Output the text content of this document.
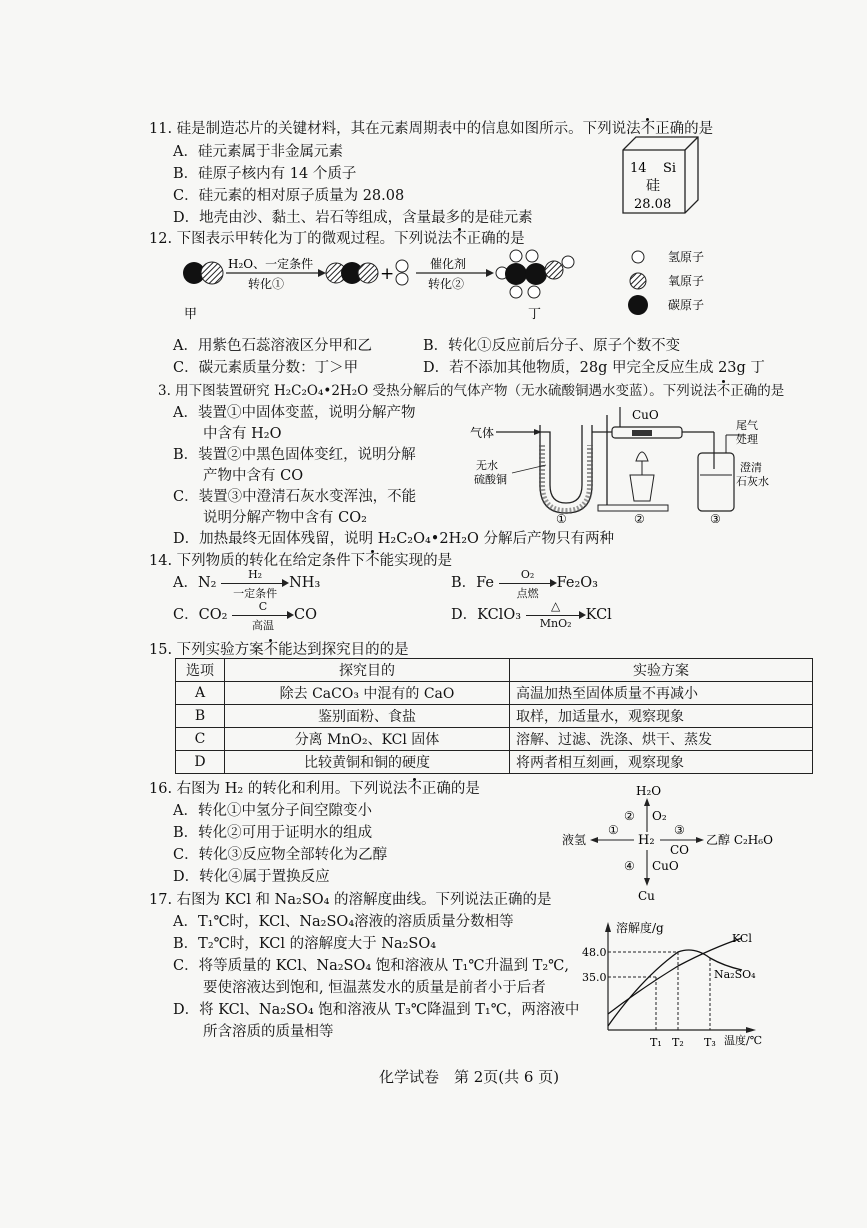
11. 硅是制造芯片的关键材料，其在元素周期表中的信息如图所示。下列说法不正确的是
A．硅元素属于非金属元素
B．硅原子核内有 14 个质子
C．硅元素的相对原子质量为 28.08
D．地壳由沙、黏土、岩石等组成，含量最多的是硅元素
14 Si
硅
28.08
12. 下图表示甲转化为丁的微观过程。下列说法不正确的是
H₂O、一定条件
转化①	+	催化剂
转化②
甲	丁
氢原子
氧原子
碳原子
A．用紫色石蕊溶液区分甲和乙	B．转化①反应前后分子、原子个数不变
C．碳元素质量分数：丁＞甲	D．若不添加其他物质，28g 甲完全反应生成 23g 丁
3. 用下图装置研究 H₂C₂O₄•2H₂O 受热分解后的气体产物（无水硫酸铜遇水变蓝）。下列说法不正确的是
A．装置①中固体变蓝，说明分解产物
中含有 H₂O
B．装置②中黑色固体变红，说明分解
产物中含有 CO
C．装置③中澄清石灰水变浑浊，不能
说明分解产物中含有 CO₂
D．加热最终无固体残留，说明 H₂C₂O₄•2H₂O 分解后产物只有两种
气体
无水
硫酸铜
CuO
尾气
处理
澄清
石灰水
①	②	③
14. 下列物质的转化在给定条件下不能实现的是
A．N₂
H₂
一定条件
NH₃	B．Fe
O₂
点燃
Fe₂O₃
C．CO₂
C
高温
CO	D．KClO₃
△
MnO₂
KCl
15. 下列实验方案不能达到探究目的的是
选项	探究目的	实验方案
A	除去 CaCO₃ 中混有的 CaO	高温加热至固体质量不再减小
B	鉴别面粉、食盐	取样，加适量水，观察现象
C	分离 MnO₂、KCl 固体	溶解、过滤、洗涤、烘干、蒸发
D	比较黄铜和铜的硬度	将两者相互刻画，观察现象
16. 右图为 H₂ 的转化和利用。下列说法不正确的是
A．转化①中氢分子间空隙变小
B．转化②可用于证明水的组成
C．转化③反应物全部转化为乙醇
D．转化④属于置换反应
H₂O
② O₂
H₂
液氢
①	③
CO
乙醇 C₂H₆O
④ CuO
Cu
17. 右图为 KCl 和 Na₂SO₄ 的溶解度曲线。下列说法正确的是
A．T₁℃时，KCl、Na₂SO₄溶液的溶质质量分数相等
B．T₂℃时，KCl 的溶解度大于 Na₂SO₄
C．将等质量的 KCl、Na₂SO₄ 饱和溶液从 T₁℃升温到 T₂℃,
要使溶液达到饱和, 恒温蒸发水的质量是前者小于后者
D．将 KCl、Na₂SO₄ 饱和溶液从 T₃℃降温到 T₁℃，两溶液中
所含溶质的质量相等
溶解度/g
温度/℃
48.0
35.0
KCl
Na₂SO₄
T₁ T₂ T₃
化学试卷　第 2页(共 6 页)
